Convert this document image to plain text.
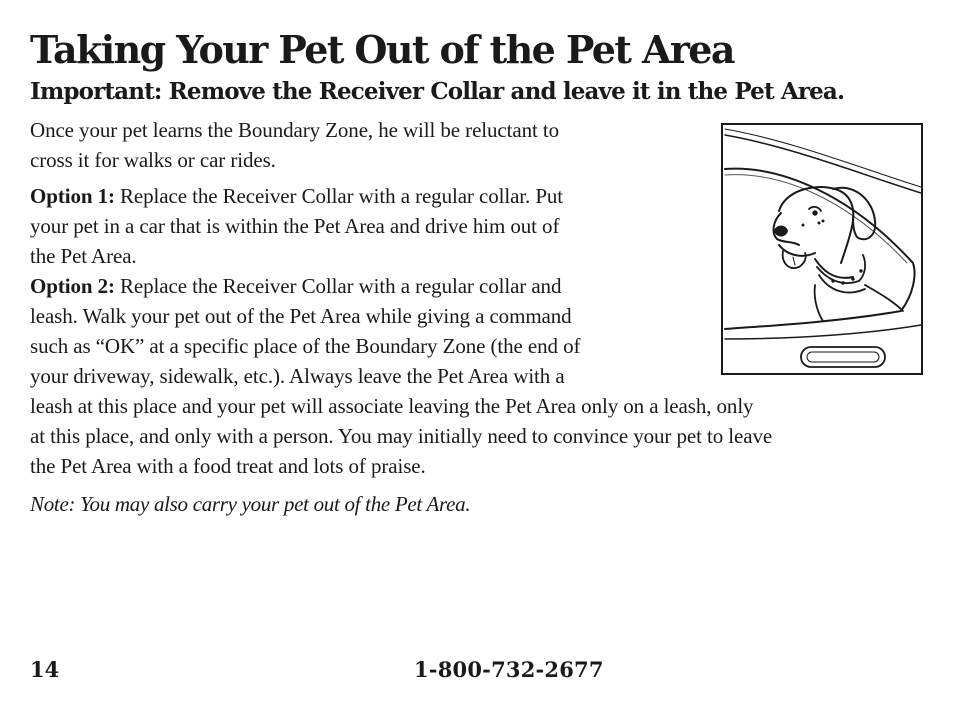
Taking Your Pet Out of the Pet Area
Important: Remove the Receiver Collar and leave it in the Pet Area.

Once your pet learns the Boundary Zone, he will be reluctant to
cross it for walks or car rides.

Option 1: Replace the Receiver Collar with a regular collar. Put
your pet in a car that is within the Pet Area and drive him out of
the Pet Area.
Option 2: Replace the Receiver Collar with a regular collar and
leash. Walk your pet out of the Pet Area while giving a command
such as “OK” at a specific place of the Boundary Zone (the end of
your driveway, sidewalk, etc.). Always leave the Pet Area with a
leash at this place and your pet will associate leaving the Pet Area only on a leash, only
at this place, and only with a person. You may initially need to convince your pet to leave
the Pet Area with a food treat and lots of praise.

Note: You may also carry your pet out of the Pet Area.

14	1-800-732-2677
